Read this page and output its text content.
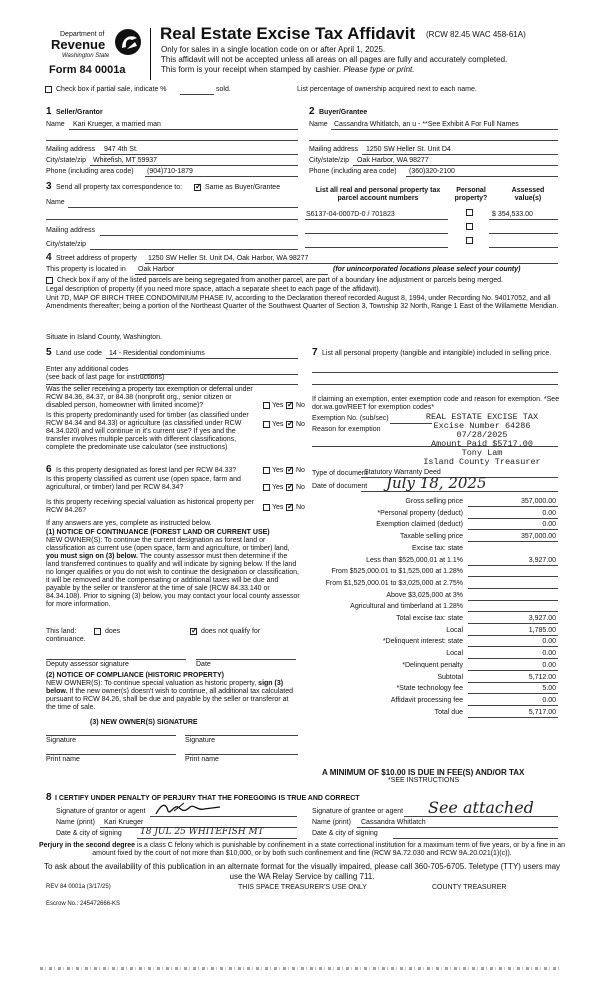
Department of
Revenue
Washington State
Form 84 0001a
Real Estate Excise Tax Affidavit (RCW 82.45 WAC 458-61A)
Only for sales in a single location code on or after April 1, 2025.
This affidavit will not be accepted unless all areas on all pages are fully and accurately completed.
This form is your receipt when stamped by cashier. Please type or print.
Check box if partial sale, indicate %	sold.	List percentage of ownership acquired next to each name.
1 Seller/Grantor
Name Kari Krueger, a married man
Mailing address 947 4th St.
City/state/zip Whitefish, MT 59937
Phone (including area code) (904)710-1879
2 Buyer/Grantee
Name Cassandra Whitlatch, an u - **See Exhibit A For Full Names
Mailing address 1250 SW Heller St. Unit D4
City/state/zip Oak Harbor, WA 98277
Phone (including area code) (360)320-2100
3 Send all property tax correspondence to: ✓	Same as Buyer/Grantee
Name
Mailing address
City/state/zip
List all real and personal property tax parcel account numbers
Personal property?
Assessed value(s)
S6137-04-0007D-0 / 701823	$ 354,533.00
4 Street address of property 1250 SW Heller St. Unit D4, Oak Harbor, WA 98277
This property is located in Oak Harbor	(for unincorporated locations please select your county)
Check box if any of the listed parcels are being segregated from another parcel, are part of a boundary line adjustment or parcels being merged.
Legal description of property (if you need more space, attach a separate sheet to each page of the affidavit).
Unit 7D, MAP OF BIRCH TREE CONDOMINIUM PHASE IV, according to the Declaration thereof recorded August 8, 1994, under Recording No. 94017052, and all Amendments thereafter; being a portion of the Northeast Quarter of the Southwest Quarter of Section 3, Township 32 North, Range 1 East of the Willamette Meridian.
Situate in Island County, Washington.
5 Land use code 14 - Residential condominiums
Enter any additional codes
(see back of last page for instructions)
Was the seller receiving a property tax exemption or deferral under RCW 84.36, 84.37, or 84.38 (nonprofit org., senior citizen or disabled person, homeowner with limited income)?	Yes ✓ No
Is this property predominantly used for timber (as classified under RCW 84.34 and 84.33) or agriculture (as classified under RCW 84.34.020) and will continue in it's current use? If yes and the transfer involves multiple parcels with different classifications, complete the predominate use calculator (see instructions)
Yes ✓ No
7 List all personal property (tangible and intangible) included in selling price.
If claiming an exemption, enter exemption code and reason for exemption. *See dor.wa.gov/REET for exemption codes*
Exemption No. (sub/sec)
Reason for exemption
REAL ESTATE EXCISE TAX
Excise Number 64286
07/28/2025
Amount Paid $5717.00
Tony Lam
Island County Treasurer
6 Is this property designated as forest land per RCW 84.33?	Yes ✓ No
Is this property classified as current use (open space, farm and agricultural, or timber) land per RCW 84.34?	Yes ✓ No
Is this property receiving special valuation as historical property per RCW 84.26?	Yes ✓ No
If any answers are yes, complete as instructed below.
(1) NOTICE OF CONTINUANCE (FOREST LAND OR CURRENT USE)
NEW OWNER(S): To continue the current designation as forest land or classification as current use (open space, farm and agriculture, or timber) land, you must sign on (3) below. The county assessor must then determine if the land transferred continues to qualify and will indicate by signing below. If the land no longer qualifies or you do not wish to continue the designation or classification, it will be removed and the compensating or additional taxes will be due and payable by the seller or transferor at the time of sale (RCW 84.33.140 or 84.34.108). Prior to signing (3) below, you may contact your local county assessor for more information.
This land:	does ✓	does not qualify for
continuance.
Deputy assessor signature	Date
(2) NOTICE OF COMPLIANCE (HISTORIC PROPERTY)
NEW OWNER(S): To continue special valuation as historic property, sign (3) below. If the new owner(s) doesn't wish to continue, all additional tax calculated pursuant to RCW 84.26, shall be due and payable by the seller or transferor at the time of sale.
(3) NEW OWNER(S) SIGNATURE
Signature	Signature
Print name	Print name
Type of document
Statutory Warranty Deed
Date of document July 18, 2025
Gross selling price	357,000.00
*Personal property (deduct)	0.00
Exemption claimed (deduct)	0.00
Taxable selling price	357,000.00
Excise tax: state
Less than $525,000.01 at 1.1%	3,927.00
From $525,000.01 to $1,525,000 at 1.28%
From $1,525,000.01 to $3,025,000 at 2.75%
Above $3,025,000 at 3%
Agricultural and timberland at 1.28%
Total excise tax: state	3,927.00
Local	1,785.00
*Delinquent interest: state	0.00
Local	0.00
*Delinquent penalty	0.00
Subtotal	5,712.00
*State technology fee	5.00
Affidavit processing fee	0.00
Total due	5,717.00
A MINIMUM OF $10.00 IS DUE IN FEE(S) AND/OR TAX
*SEE INSTRUCTIONS
8 I CERTIFY UNDER PENALTY OF PERJURY THAT THE FOREGOING IS TRUE AND CORRECT
Signature of grantor or agent
Name (print) Kari Krueger
Date & city of signing 18 JUL 25 WHITEFISH MT
Signature of grantee or agent See attached
Name (print) Cassandra Whitlatch
Date & city of signing
Perjury in the second degree is a class C felony which is punishable by confinement in a state correctional institution for a maximum term of five years, or by a fine in an amount fixed by the court of not more than $10,000, or by both such confinement and fine (RCW 9A.72.030 and RCW 9A.20.021(1)(c)).
To ask about the availability of this publication in an alternate format for the visually impaired, please call 360-705-6705. Teletype (TTY) users may use the WA Relay Service by calling 711.
REV 84 0001a (3/17/25)	THIS SPACE TREASURER'S USE ONLY	COUNTY TREASURER
Escrow No.: 245472666-KS
